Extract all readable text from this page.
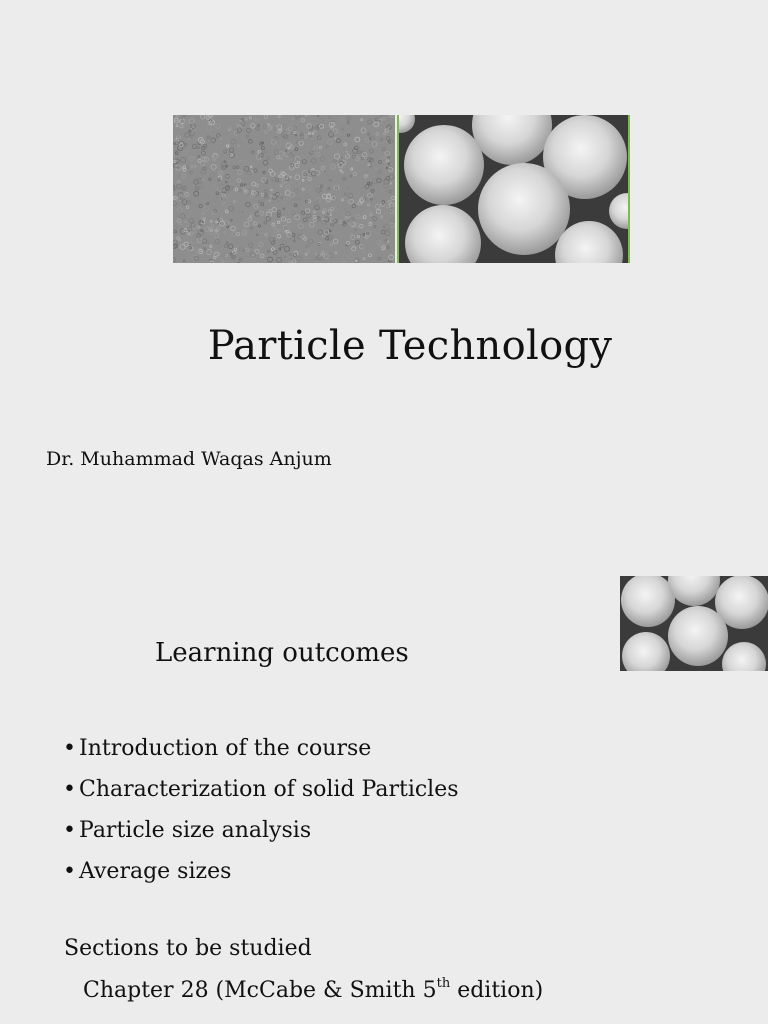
Particle Technology
Dr. Muhammad Waqas Anjum
Learning outcomes
• Introduction of the course
• Characterization of solid Particles
• Particle size analysis
• Average sizes
Sections to be studied
Chapter 28 (McCabe & Smith 5th edition)
